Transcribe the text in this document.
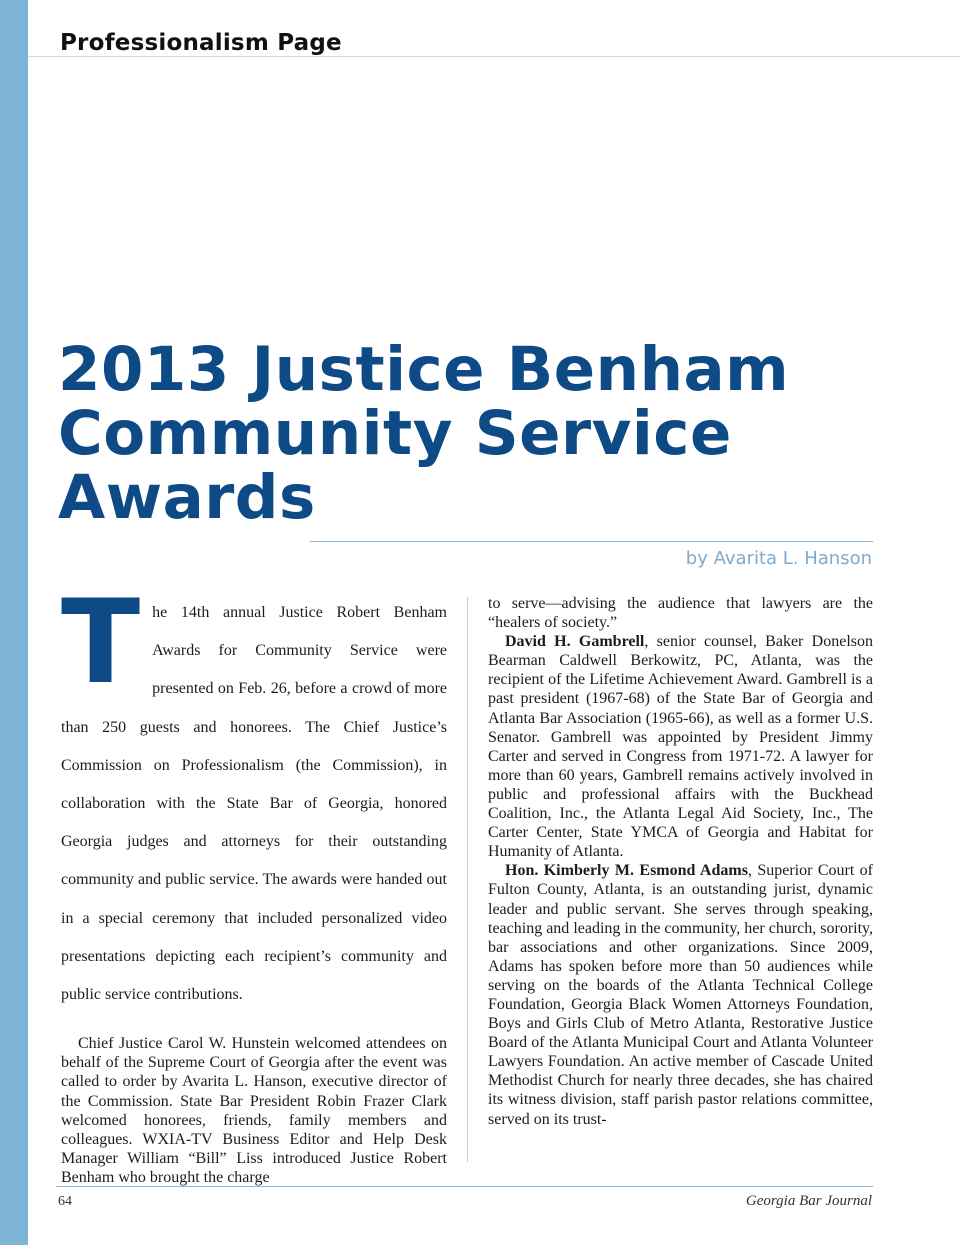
Professionalism Page
2013 Justice Benham Community Service Awards

by Avarita L. Hanson

The 14th annual Justice Robert Benham Awards for Community Service were presented on Feb. 26, before a crowd of more than 250 guests and honorees. The Chief Justice’s Commission on Professionalism (the Commission), in collaboration with the State Bar of Georgia, honored Georgia judges and attorneys for their outstanding community and public service. The awards were handed out in a special ceremony that included personalized video presentations depicting each recipient’s community and public service contributions.

Chief Justice Carol W. Hunstein welcomed attendees on behalf of the Supreme Court of Georgia after the event was called to order by Avarita L. Hanson, executive director of the Commission. State Bar President Robin Frazer Clark welcomed honorees, friends, family members and colleagues. WXIA-TV Business Editor and Help Desk Manager William “Bill” Liss introduced Justice Robert Benham who brought the charge

to serve—advising the audience that lawyers are the “healers of society.”

David H. Gambrell, senior counsel, Baker Donelson Bearman Caldwell Berkowitz, PC, Atlanta, was the recipient of the Lifetime Achievement Award. Gambrell is a past president (1967-68) of the State Bar of Georgia and Atlanta Bar Association (1965-66), as well as a former U.S. Senator. Gambrell was appointed by President Jimmy Carter and served in Congress from 1971-72. A lawyer for more than 60 years, Gambrell remains actively involved in public and professional affairs with the Buckhead Coalition, Inc., the Atlanta Legal Aid Society, Inc., The Carter Center, State YMCA of Georgia and Habitat for Humanity of Atlanta.

Hon. Kimberly M. Esmond Adams, Superior Court of Fulton County, Atlanta, is an outstanding jurist, dynamic leader and public servant. She serves through speaking, teaching and leading in the community, her church, sorority, bar associations and other organizations. Since 2009, Adams has spoken before more than 50 audiences while serving on the boards of the Atlanta Technical College Foundation, Georgia Black Women Attorneys Foundation, Boys and Girls Club of Metro Atlanta, Restorative Justice Board of the Atlanta Municipal Court and Atlanta Volunteer Lawyers Foundation. An active member of Cascade United Methodist Church for nearly three decades, she has chaired its witness division, staff parish pastor relations committee, served on its trust-

64	Georgia Bar Journal
